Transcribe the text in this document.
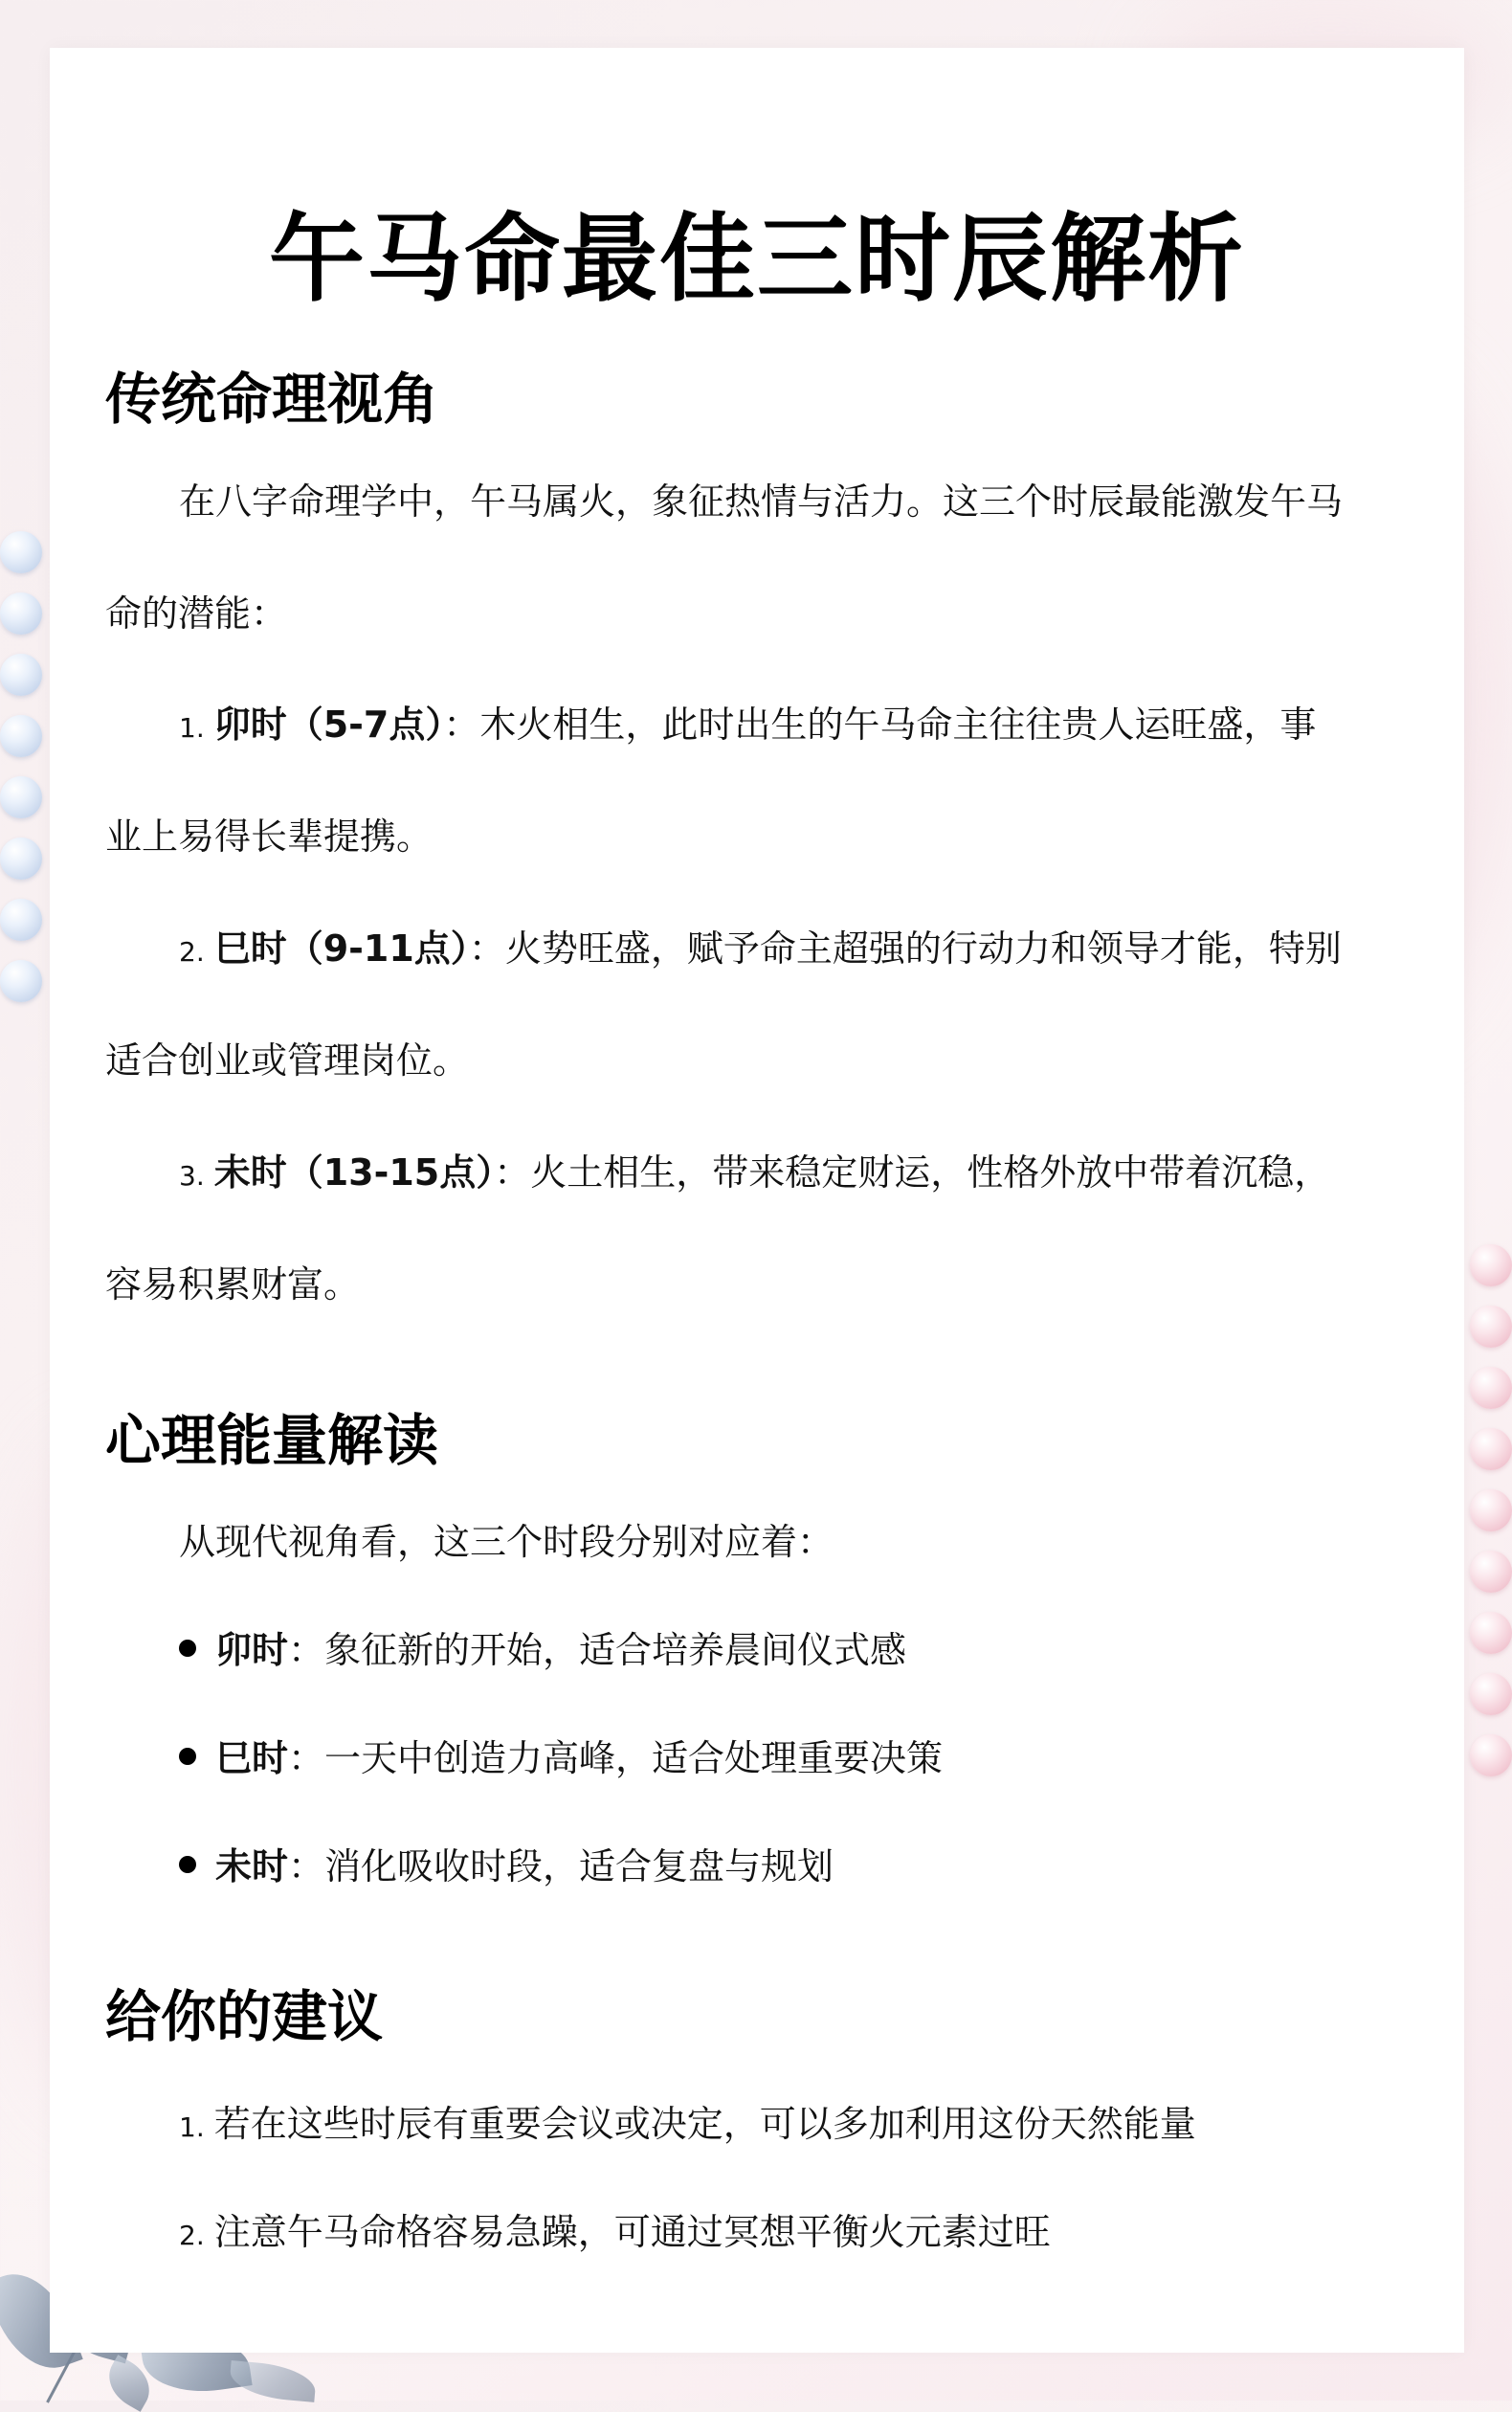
午马命最佳三时辰解析
传统命理视角
在八字命理学中，午马属火，象征热情与活力。这三个时辰最能激发午马
命的潜能：
1. 卯时（5-7点）：木火相生，此时出生的午马命主往往贵人运旺盛，事
业上易得长辈提携。
2. 巳时（9-11点）：火势旺盛，赋予命主超强的行动力和领导才能，特别
适合创业或管理岗位。
3. 未时（13-15点）：火土相生，带来稳定财运，性格外放中带着沉稳，
容易积累财富。
心理能量解读
从现代视角看，这三个时段分别对应着：
卯时：象征新的开始，适合培养晨间仪式感
巳时：一天中创造力高峰，适合处理重要决策
未时：消化吸收时段，适合复盘与规划
给你的建议
1. 若在这些时辰有重要会议或决定，可以多加利用这份天然能量
2. 注意午马命格容易急躁，可通过冥想平衡火元素过旺
